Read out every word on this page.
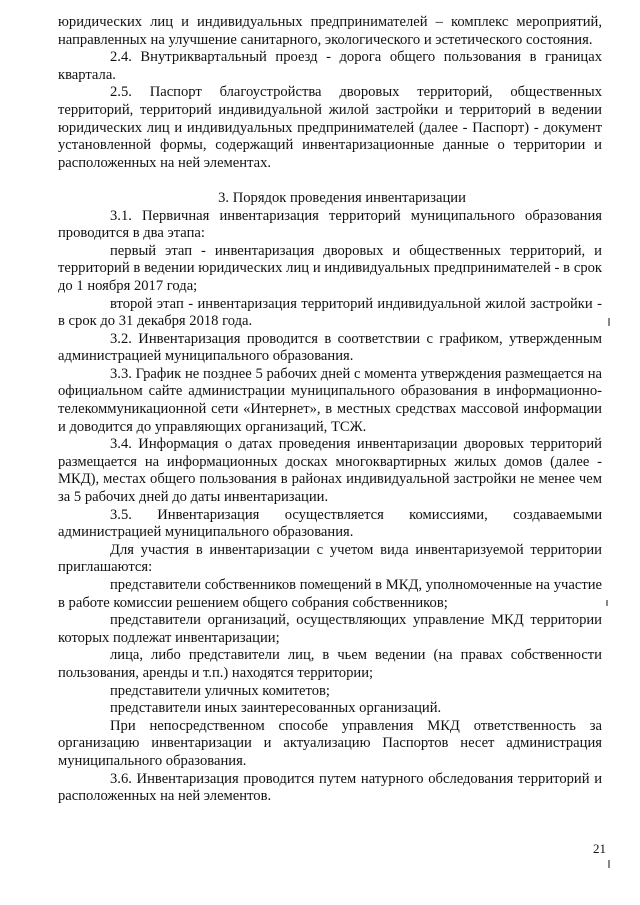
юридических лиц и индивидуальных предпринимателей – комплекс мероприятий, направленных на улучшение санитарного, экологического и эстетического состояния.

2.4. Внутриквартальный проезд - дорога общего пользования в границах квартала.

2.5. Паспорт благоустройства дворовых территорий, общественных территорий, территорий индивидуальной жилой застройки и территорий в ведении юридических лиц и индивидуальных предпринимателей (далее - Паспорт) - документ установленной формы, содержащий инвентаризационные данные о территории и расположенных на ней элементах.

3. Порядок проведения инвентаризации

3.1. Первичная инвентаризация территорий муниципального образования проводится в два этапа:

первый этап - инвентаризация дворовых и общественных территорий, и территорий в ведении юридических лиц и индивидуальных предпринимателей - в срок до 1 ноября 2017 года;

второй этап - инвентаризация территорий индивидуальной жилой застройки - в срок до 31 декабря 2018 года.

3.2. Инвентаризация проводится в соответствии с графиком, утвержденным администрацией муниципального образования.

3.3. График не позднее 5 рабочих дней с момента утверждения размещается на официальном сайте администрации муниципального образования в информационно-телекоммуникационной сети «Интернет», в местных средствах массовой информации и доводится до управляющих организаций, ТСЖ.

3.4. Информация о датах проведения инвентаризации дворовых территорий размещается на информационных досках многоквартирных жилых домов (далее - МКД), местах общего пользования в районах индивидуальной застройки не менее чем за 5 рабочих дней до даты инвентаризации.

3.5. Инвентаризация осуществляется комиссиями, создаваемыми администрацией муниципального образования.

Для участия в инвентаризации с учетом вида инвентаризуемой территории приглашаются:

представители собственников помещений в МКД, уполномоченные на участие в работе комиссии решением общего собрания собственников;

представители организаций, осуществляющих управление МКД территории которых подлежат инвентаризации;

лица, либо представители лиц, в чьем ведении (на правах собственности пользования, аренды и т.п.) находятся территории;

представители уличных комитетов;

представители иных заинтересованных организаций.

При непосредственном способе управления МКД ответственность за организацию инвентаризации и актуализацию Паспортов несет администрация муниципального образования.

3.6. Инвентаризация проводится путем натурного обследования территорий и расположенных на ней элементов.

21
